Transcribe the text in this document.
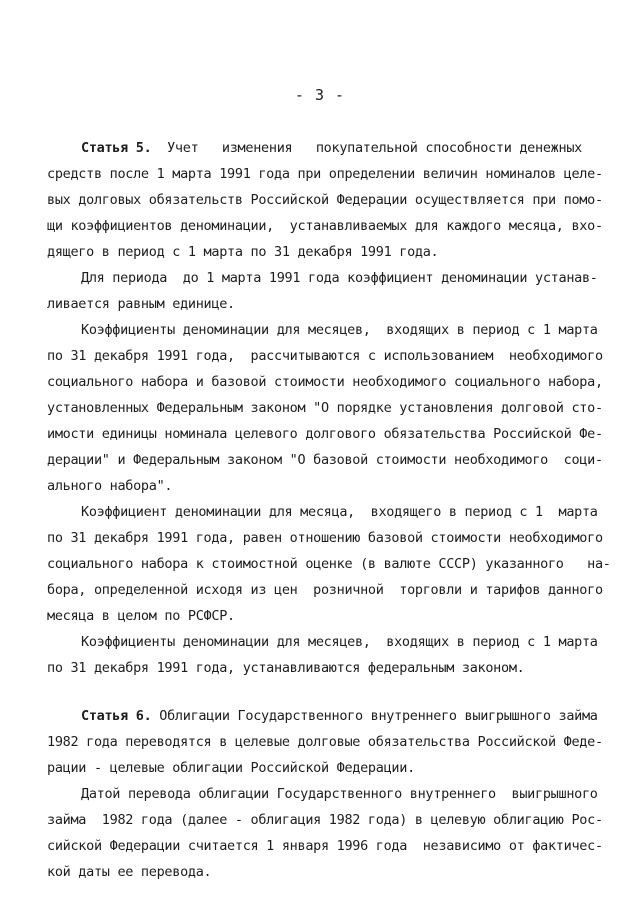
- 3 -
Статья 5. Учет   изменения   покупательной способности денежных
средств после 1 марта 1991 года при определении величин номиналов целе-
вых долговых обязательств Российской Федерации осуществляется при помо-
щи коэффициентов деноминации,  устанавливаемых для каждого месяца, вхо-
дящего в период с 1 марта по 31 декабря 1991 года.
Для периода  до 1 марта 1991 года коэффициент деноминации устанав-
ливается равным единице.
Коэффициенты деноминации для месяцев,  входящих в период с 1 марта
по 31 декабря 1991 года,  рассчитываются с использованием  необходимого
социального набора и базовой стоимости необходимого социального набора,
установленных Федеральным законом "О порядке установления долговой сто-
имости единицы номинала целевого долгового обязательства Российской Фе-
дерации" и Федеральным законом "О базовой стоимости необходимого  соци-
ального набора".
Коэффициент деноминации для месяца,  входящего в период с 1  марта
по 31 декабря 1991 года, равен отношению базовой стоимости необходимого
социального набора к стоимостной оценке (в валюте СССР) указанного   на-
бора, определенной исходя из цен  розничной  торговли и тарифов данного
месяца в целом по РСФСР.
Коэффициенты деноминации для месяцев,  входящих в период с 1 марта
по 31 декабря 1991 года, устанавливаются федеральным законом.
Статья 6. Облигации Государственного внутреннего выигрышного займа
1982 года переводятся в целевые долговые обязательства Российской Феде-
рации - целевые облигации Российской Федерации.
Датой перевода облигации Государственного внутреннего  выигрышного
займа  1982 года (далее - облигация 1982 года) в целевую облигацию Рос-
сийской Федерации считается 1 января 1996 года  независимо от фактичес-
кой даты ее перевода.
